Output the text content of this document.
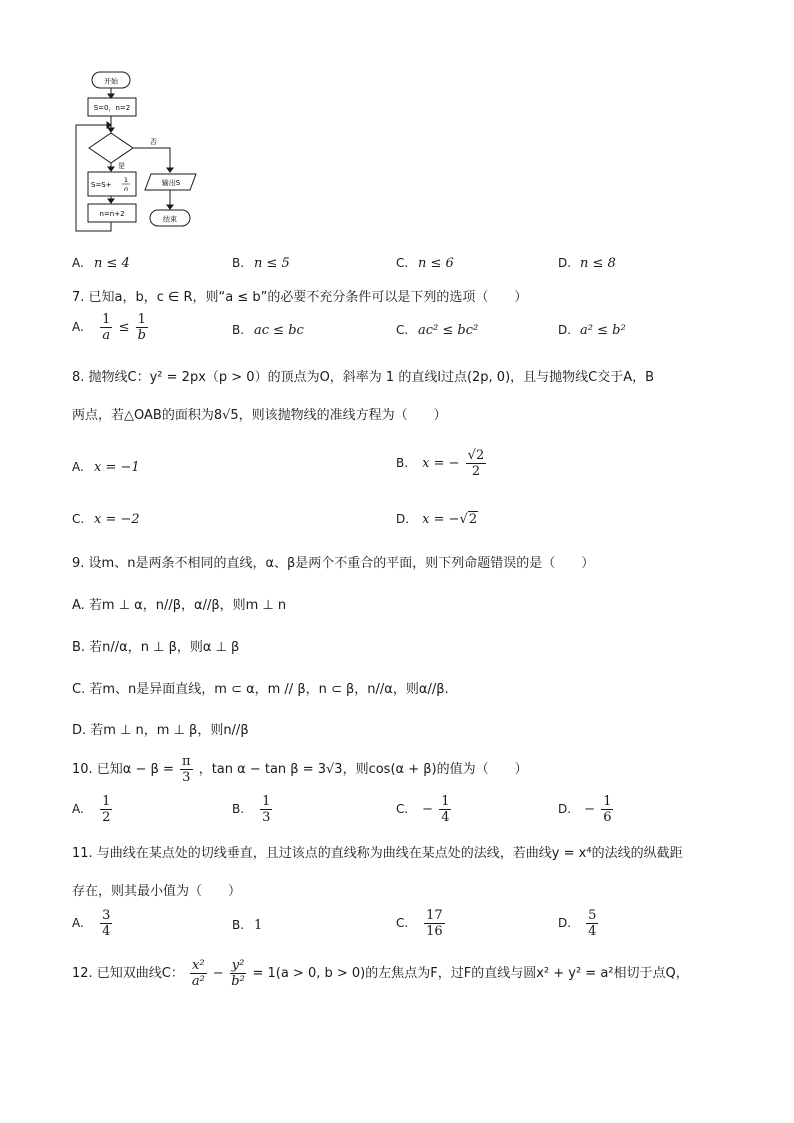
开始
S=0，n=2
是
否
S=S+
1
n
n=n+2
输出S
结束
A. n ≤ 4	B. n ≤ 5	C. n ≤ 6	D. n ≤ 8
7. 已知a，b，c ∈ R，则“a ≤ b”的必要不充分条件可以是下列的选项（　　）
A. $\frac{1}{a} \le \frac{1}{b}$	B. ac ≤ bc	C. ac² ≤ bc²	D. a² ≤ b²
8. 抛物线C：y² = 2px（p > 0）的顶点为O，斜率为 1 的直线l过点(2p, 0)，且与抛物线C交于A，B
两点，若△OAB的面积为8√5，则该抛物线的准线方程为（　　）
A. x = −1	B. x = − $\frac{√2}{2}$
C. x = −2	D. x = −√2
9. 设m、n是两条不相同的直线，α、β是两个不重合的平面，则下列命题错误的是（　　）
A. 若m ⊥ α，n//β，α//β，则m ⊥ n
B. 若n//α，n ⊥ β，则α ⊥ β
C. 若m、n是异面直线，m ⊂ α，m // β，n ⊂ β，n//α，则α//β.
D. 若m ⊥ n，m ⊥ β，则n//β
10. 已知$\alpha - \beta = \frac{\pi}{3}$ ，tan α − tan β = 3√3，则cos(α + β)的值为（　　）
A. $\frac{1}{2}$	B. $\frac{1}{3}$	C. − $\frac{1}{4}$	D. − $\frac{1}{6}$
11. 与曲线在某点处的切线垂直，且过该点的直线称为曲线在某点处的法线，若曲线y = x⁴的法线的纵截距
存在，则其最小值为（　　）
A. $\frac{3}{4}$	B. 1	C. $\frac{17}{16}$	D. $\frac{5}{4}$
12. 已知双曲线C： $\frac{\text{x²}}{\text{a²}} - \frac{\text{y²}}{\text{b²}} = 1(a > 0$, b > 0)的左焦点为F，过F的直线与圆x² + y² = a²相切于点Q，
